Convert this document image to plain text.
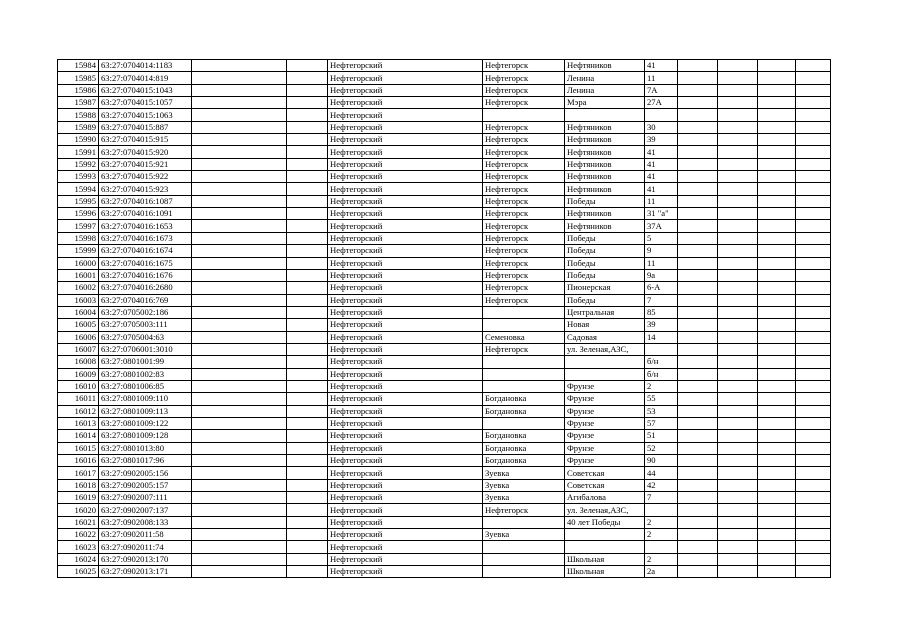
15984	63:27:0704014:1183			Нефтегорский	Нефтегорск	Нефтяников	41				
15985	63:27:0704014:819			Нефтегорский	Нефтегорск	Ленина	11				
15986	63:27:0704015:1043			Нефтегорский	Нефтегорск	Ленина	7А				
15987	63:27:0704015:1057			Нефтегорский	Нефтегорск	Мэра	27А				
15988	63:27:0704015:1063			Нефтегорский							
15989	63:27:0704015:887			Нефтегорский	Нефтегорск	Нефтяников	30				
15990	63:27:0704015:915			Нефтегорский	Нефтегорск	Нефтяников	39				
15991	63:27:0704015:920			Нефтегорский	Нефтегорск	Нефтяников	41				
15992	63:27:0704015:921			Нефтегорский	Нефтегорск	Нефтяников	41				
15993	63:27:0704015:922			Нефтегорский	Нефтегорск	Нефтяников	41				
15994	63:27:0704015:923			Нефтегорский	Нефтегорск	Нефтяников	41				
15995	63:27:0704016:1087			Нефтегорский	Нефтегорск	Победы	11				
15996	63:27:0704016:1091			Нефтегорский	Нефтегорск	Нефтяников	31 "а"				
15997	63:27:0704016:1653			Нефтегорский	Нефтегорск	Нефтяников	37А				
15998	63:27:0704016:1673			Нефтегорский	Нефтегорск	Победы	5				
15999	63:27:0704016:1674			Нефтегорский	Нефтегорск	Победы	9				
16000	63:27:0704016:1675			Нефтегорский	Нефтегорск	Победы	11				
16001	63:27:0704016:1676			Нефтегорский	Нефтегорск	Победы	9а				
16002	63:27:0704016:2680			Нефтегорский	Нефтегорск	Пионерская	6-А				
16003	63:27:0704016:769			Нефтегорский	Нефтегорск	Победы	7				
16004	63:27:0705002:186			Нефтегорский		Центральная	85				
16005	63:27:0705003:111			Нефтегорский		Новая	39				
16006	63:27:0705004:63			Нефтегорский	Семеновка	Садовая	14				
16007	63:27:0706001:3010			Нефтегорский	Нефтегорск	ул. Зеленая,АЗС,					
16008	63:27:0801001:99			Нефтегорский			б/н				
16009	63:27:0801002:83			Нефтегорский			б/н				
16010	63:27:0801006:85			Нефтегорский		Фрунзе	2				
16011	63:27:0801009:110			Нефтегорский	Богдановка	Фрунзе	55				
16012	63:27:0801009:113			Нефтегорский	Богдановка	Фрунзе	53				
16013	63:27:0801009:122			Нефтегорский		Фрунзе	57				
16014	63:27:0801009:128			Нефтегорский	Богдановка	Фрунзе	51				
16015	63:27:0801013:80			Нефтегорский	Богдановка	Фрунзе	52				
16016	63:27:0801017:96			Нефтегорский	Богдановка	Фрунзе	90				
16017	63:27:0902005:156			Нефтегорский	Зуевка	Советская	44				
16018	63:27:0902005:157			Нефтегорский	Зуевка	Советская	42				
16019	63:27:0902007:111			Нефтегорский	Зуевка	Агибалова	7				
16020	63:27:0902007:137			Нефтегорский	Нефтегорск	ул. Зеленая,АЗС,					
16021	63:27:0902008:133			Нефтегорский		40 лет Победы	2				
16022	63:27:0902011:58			Нефтегорский	Зуевка		2				
16023	63:27:0902011:74			Нефтегорский							
16024	63:27:0902013:170			Нефтегорский		Школьная	2				
16025	63:27:0902013:171			Нефтегорский		Школьная	2а				
